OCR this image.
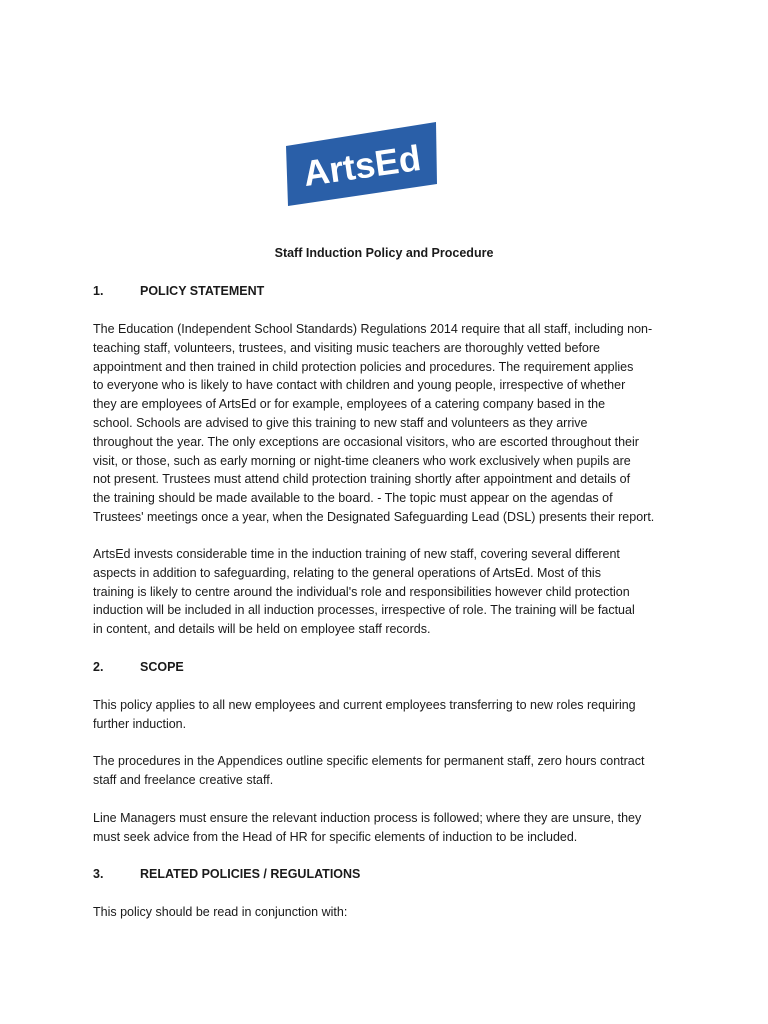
ArtsEd
Staff Induction Policy and Procedure
1.	POLICY STATEMENT
The Education (Independent School Standards) Regulations 2014 require that all staff, including non-
teaching staff, volunteers, trustees, and visiting music teachers are thoroughly vetted before
appointment and then trained in child protection policies and procedures. The requirement applies
to everyone who is likely to have contact with children and young people, irrespective of whether
they are employees of ArtsEd or for example, employees of a catering company based in the
school. Schools are advised to give this training to new staff and volunteers as they arrive
throughout the year. The only exceptions are occasional visitors, who are escorted throughout their
visit, or those, such as early morning or night-time cleaners who work exclusively when pupils are
not present. Trustees must attend child protection training shortly after appointment and details of
the training should be made available to the board. - The topic must appear on the agendas of
Trustees' meetings once a year, when the Designated Safeguarding Lead (DSL) presents their report.
ArtsEd invests considerable time in the induction training of new staff, covering several different
aspects in addition to safeguarding, relating to the general operations of ArtsEd. Most of this
training is likely to centre around the individual's role and responsibilities however child protection
induction will be included in all induction processes, irrespective of role. The training will be factual
in content, and details will be held on employee staff records.
2.	SCOPE
This policy applies to all new employees and current employees transferring to new roles requiring
further induction.
The procedures in the Appendices outline specific elements for permanent staff, zero hours contract
staff and freelance creative staff.
Line Managers must ensure the relevant induction process is followed; where they are unsure, they
must seek advice from the Head of HR for specific elements of induction to be included.
3.	RELATED POLICIES / REGULATIONS
This policy should be read in conjunction with:
